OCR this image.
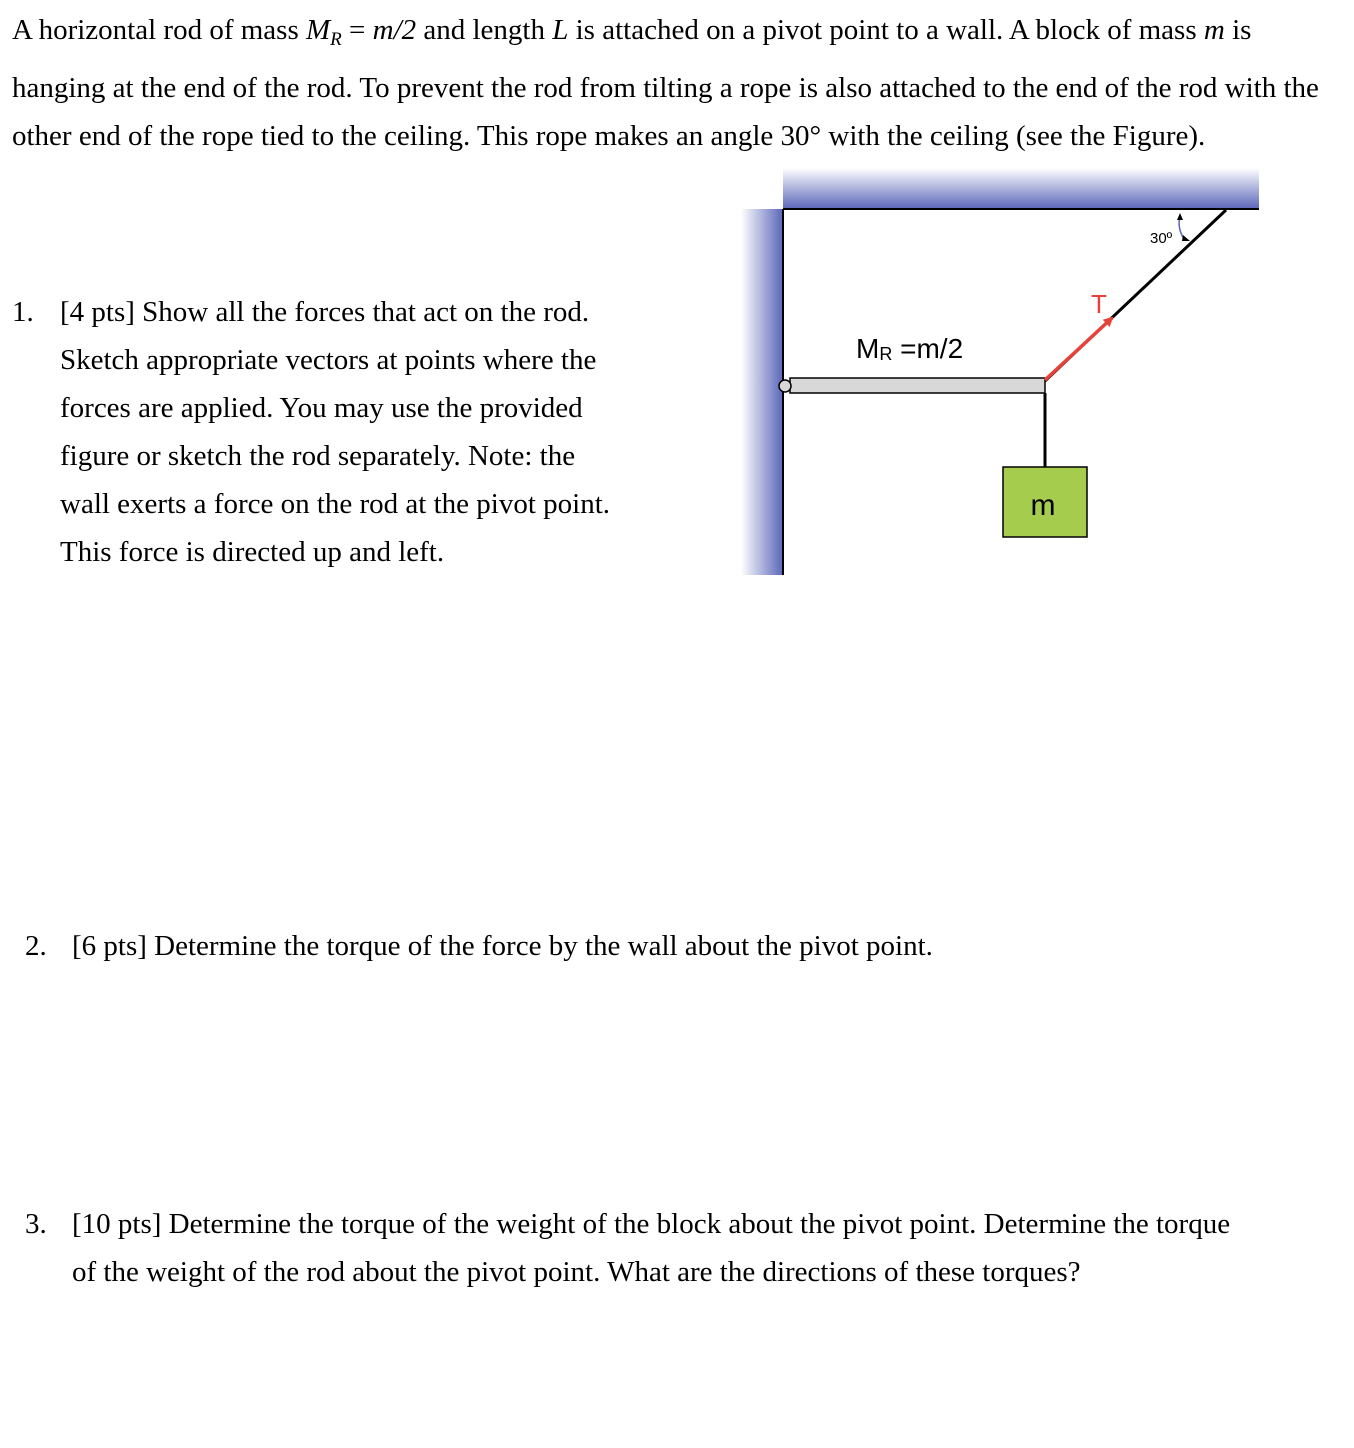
A horizontal rod of mass $M_R = m/2$ and length L is attached on a pivot point to a wall. A block of mass m is hanging at the end of the rod. To prevent the rod from tilting a rope is also attached to the end of the rod with the other end of the rope tied to the ceiling. This rope makes an angle 30° with the ceiling (see the Figure).

1. [4 pts] Show all the forces that act on the rod. Sketch appropriate vectors at points where the forces are applied. You may use the provided figure or sketch the rod separately. Note: the wall exerts a force on the rod at the pivot point. This force is directed up and left.
2. [6 pts] Determine the torque of the force by the wall about the pivot point.
3. [10 pts] Determine the torque of the weight of the block about the pivot point. Determine the torque of the weight of the rod about the pivot point. What are the directions of these torques?
m
T
MR =m/2
30º
